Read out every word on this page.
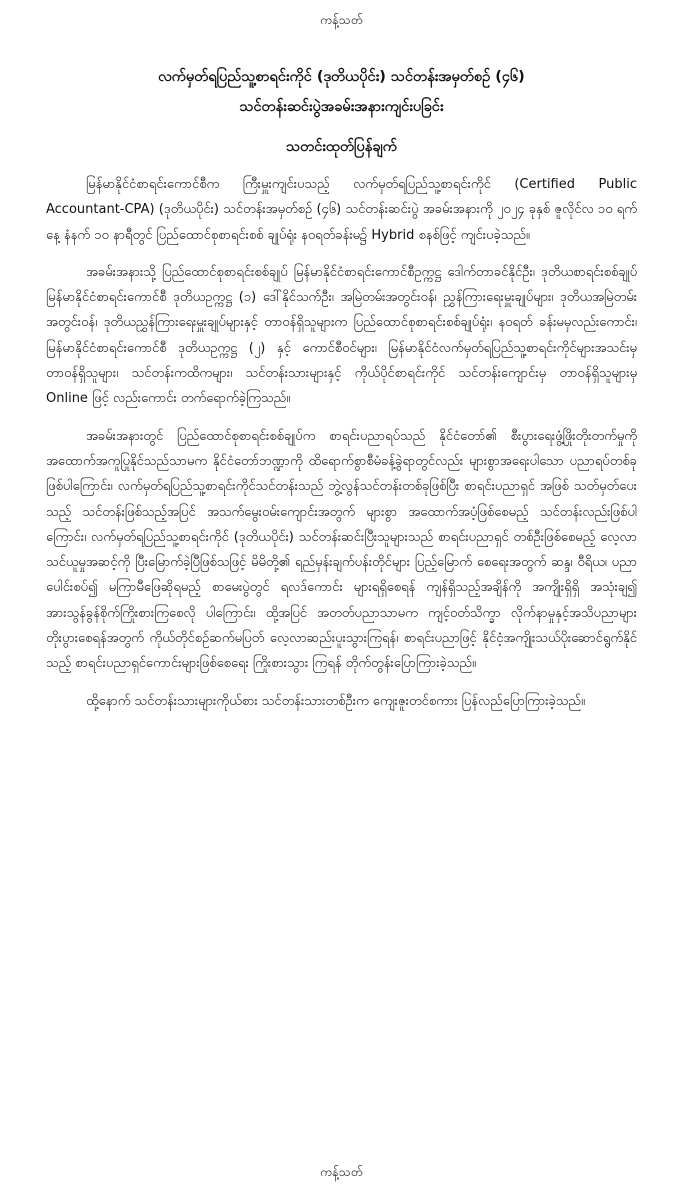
ကန့်သတ်
လက်မှတ်ရပြည်သူ့စာရင်းကိုင် (ဒုတိယပိုင်း) သင်တန်းအမှတ်စဉ် (၄၆)
သင်တန်းဆင်းပွဲအခမ်းအနားကျင်းပခြင်း
သတင်းထုတ်ပြန်ချက်

မြန်မာနိုင်ငံစာရင်းကောင်စီက ကြီးမှူးကျင်းပသည့် လက်မှတ်ရပြည်သူ့စာရင်းကိုင် (Certified Public Accountant-CPA) (ဒုတိယပိုင်း) သင်တန်းအမှတ်စဉ် (၄၆) သင်တန်းဆင်းပွဲ အခမ်းအနားကို ၂၀၂၄ ခုနှစ် ဇူလိုင်လ ၁၀ ရက်နေ့ နံနက် ၁၀ နာရီတွင် ပြည်ထောင်စုစာရင်းစစ် ချုပ်ရုံး နဝရတ်ခန်းမ၌ Hybrid စနစ်ဖြင့် ကျင်းပခဲ့သည်။

အခမ်းအနားသို့ ပြည်ထောင်စုစာရင်းစစ်ချုပ် မြန်မာနိုင်ငံစာရင်းကောင်စီဥက္ကဋ္ဌ ဒေါက်တာခင်နိုင်ဦး၊ ဒုတိယစာရင်းစစ်ချုပ် မြန်မာနိုင်ငံစာရင်းကောင်စီ ဒုတိယဥက္ကဋ္ဌ (၁) ဒေါ်နိုင်သက်ဦး၊ အမြဲတမ်းအတွင်းဝန်၊ ညွှန်ကြားရေးမှူးချုပ်များ၊ ဒုတိယအမြဲတမ်းအတွင်းဝန်၊ ဒုတိယညွှန်ကြားရေးမှူးချုပ်များနှင့် တာဝန်ရှိသူများက ပြည်ထောင်စုစာရင်းစစ်ချုပ်ရုံး၊ နဝရတ် ခန်းမမှလည်းကောင်း၊ မြန်မာနိုင်ငံစာရင်းကောင်စီ ဒုတိယဥက္ကဋ္ဌ (၂) နှင့် ကောင်စီဝင်များ၊ မြန်မာနိုင်ငံလက်မှတ်ရပြည်သူ့စာရင်းကိုင်များအသင်းမှ တာဝန်ရှိသူများ၊ သင်တန်းကထိကများ၊ သင်တန်းသားများနှင့် ကိုယ်ပိုင်စာရင်းကိုင် သင်တန်းကျောင်းမှ တာဝန်ရှိသူများမှ Online ဖြင့် လည်းကောင်း တက်ရောက်ခဲ့ကြသည်။

အခမ်းအနားတွင် ပြည်ထောင်စုစာရင်းစစ်ချုပ်က စာရင်းပညာရပ်သည် နိုင်ငံတော်၏ စီးပွားရေးဖွံ့ဖြိုးတိုးတက်မှုကို အထောက်အကူပြုနိုင်သည်သာမက နိုင်ငံတော်ဘဏ္ဍာကို ထိရောက်စွာစီမံခန့်ခွဲရာတွင်လည်း များစွာအရေးပါသော ပညာရပ်တစ်ခုဖြစ်ပါကြောင်း၊ လက်မှတ်ရပြည်သူ့စာရင်းကိုင်သင်တန်းသည် ဘွဲ့လွန်သင်တန်းတစ်ခုဖြစ်ပြီး စာရင်းပညာရှင် အဖြစ် သတ်မှတ်ပေးသည့် သင်တန်းဖြစ်သည့်အပြင် အသက်မွေးဝမ်းကျောင်းအတွက် များစွာ အထောက်အပံ့ဖြစ်စေမည့် သင်တန်းလည်းဖြစ်ပါကြောင်း၊ လက်မှတ်ရပြည်သူ့စာရင်းကိုင် (ဒုတိယပိုင်း) သင်တန်းဆင်းပြီးသူများသည် စာရင်းပညာရှင် တစ်ဦးဖြစ်စေမည့် လေ့လာ သင်ယူမှုအဆင့်ကို ပြီးမြောက်ခဲ့ပြီဖြစ်သဖြင့် မိမိတို့၏ ရည်မှန်းချက်ပန်းတိုင်များ ပြည့်မြောက် စေရေးအတွက် ဆန္ဒ၊ ဝီရိယ၊ ပညာပေါင်းစပ်၍ မကြာမီဖြေဆိုရမည့် စာမေးပွဲတွင် ရလဒ်ကောင်း များရရှိစေရန် ကျန်ရှိသည့်အချိန်ကို အကျိုးရှိရှိ အသုံးချ၍ အားသွန်ခွန်စိုက်ကြိုးစားကြစေလို ပါကြောင်း၊ ထို့အပြင် အတတ်ပညာသာမက ကျင့်ဝတ်သိက္ခာ လိုက်နာမှုနှင့်အသိပညာများ တိုးပွားစေရန်အတွက် ကိုယ်တိုင်စဉ်ဆက်မပြတ် လေ့လာဆည်းပူးသွားကြရန်၊ စာရင်းပညာဖြင့် နိုင်ငံ့အကျိုးသယ်ပိုးဆောင်ရွက်နိုင်သည့် စာရင်းပညာရှင်ကောင်းများဖြစ်စေရေး ကြိုးစားသွား ကြရန် တိုက်တွန်းပြောကြားခဲ့သည်။

ထို့နောက် သင်တန်းသားများကိုယ်စား သင်တန်းသားတစ်ဦးက ကျေးဇူးတင်စကား ပြန်လည်ပြောကြားခဲ့သည်။

ကန့်သတ်
